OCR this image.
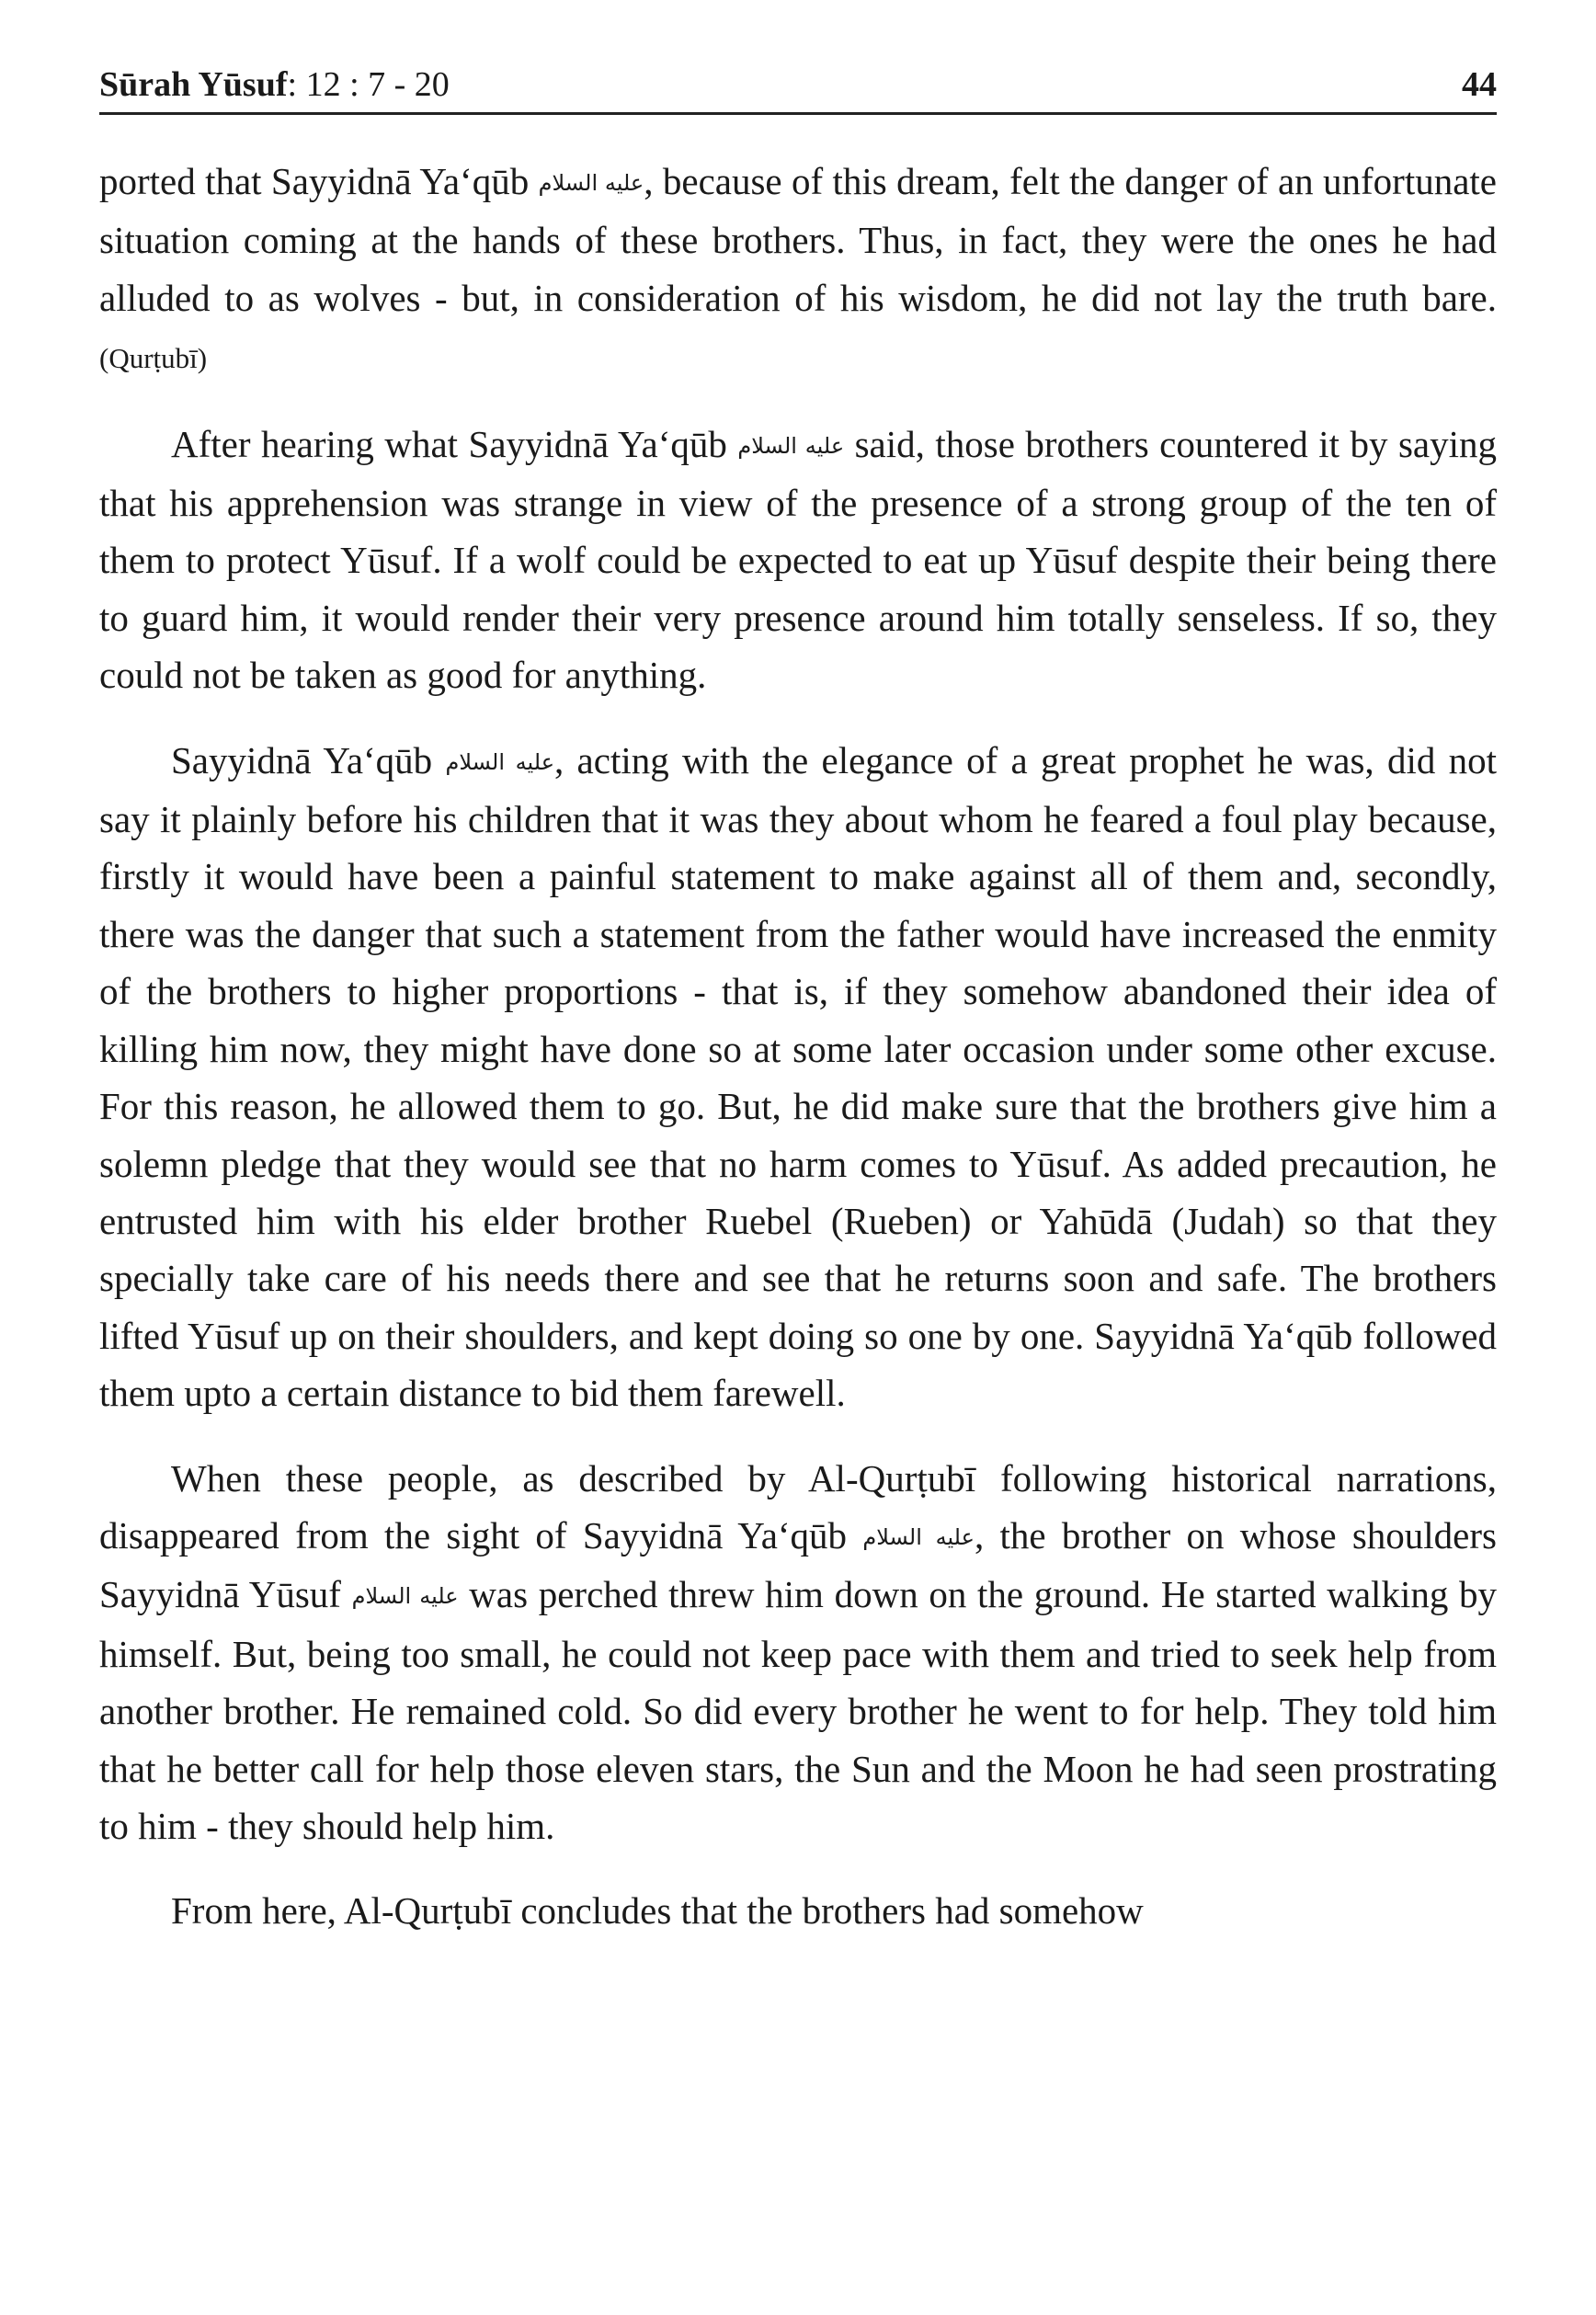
Sūrah Yūsuf: 12 : 7 - 20	44

ported that Sayyidnā Ya‘qūb عليه السلام, because of this dream, felt the danger of an unfortunate situation coming at the hands of these brothers. Thus, in fact, they were the ones he had alluded to as wolves - but, in consideration of his wisdom, he did not lay the truth bare. (Qurṭubī)

After hearing what Sayyidnā Ya‘qūb عليه السلام said, those brothers countered it by saying that his apprehension was strange in view of the presence of a strong group of the ten of them to protect Yūsuf. If a wolf could be expected to eat up Yūsuf despite their being there to guard him, it would render their very presence around him totally senseless. If so, they could not be taken as good for anything.

Sayyidnā Ya‘qūb عليه السلام, acting with the elegance of a great prophet he was, did not say it plainly before his children that it was they about whom he feared a foul play because, firstly it would have been a painful statement to make against all of them and, secondly, there was the danger that such a statement from the father would have increased the enmity of the brothers to higher proportions - that is, if they somehow abandoned their idea of killing him now, they might have done so at some later occasion under some other excuse. For this reason, he allowed them to go. But, he did make sure that the brothers give him a solemn pledge that they would see that no harm comes to Yūsuf. As added precaution, he entrusted him with his elder brother Ruebel (Rueben) or Yahūdā (Judah) so that they specially take care of his needs there and see that he returns soon and safe. The brothers lifted Yūsuf up on their shoulders, and kept doing so one by one. Sayyidnā Ya‘qūb followed them upto a certain distance to bid them farewell.

When these people, as described by Al-Qurṭubī following historical narrations, disappeared from the sight of Sayyidnā Ya‘qūb عليه السلام, the brother on whose shoulders Sayyidnā Yūsuf عليه السلام was perched threw him down on the ground. He started walking by himself. But, being too small, he could not keep pace with them and tried to seek help from another brother. He remained cold. So did every brother he went to for help. They told him that he better call for help those eleven stars, the Sun and the Moon he had seen prostrating to him - they should help him.

From here, Al-Qurṭubī concludes that the brothers had somehow
